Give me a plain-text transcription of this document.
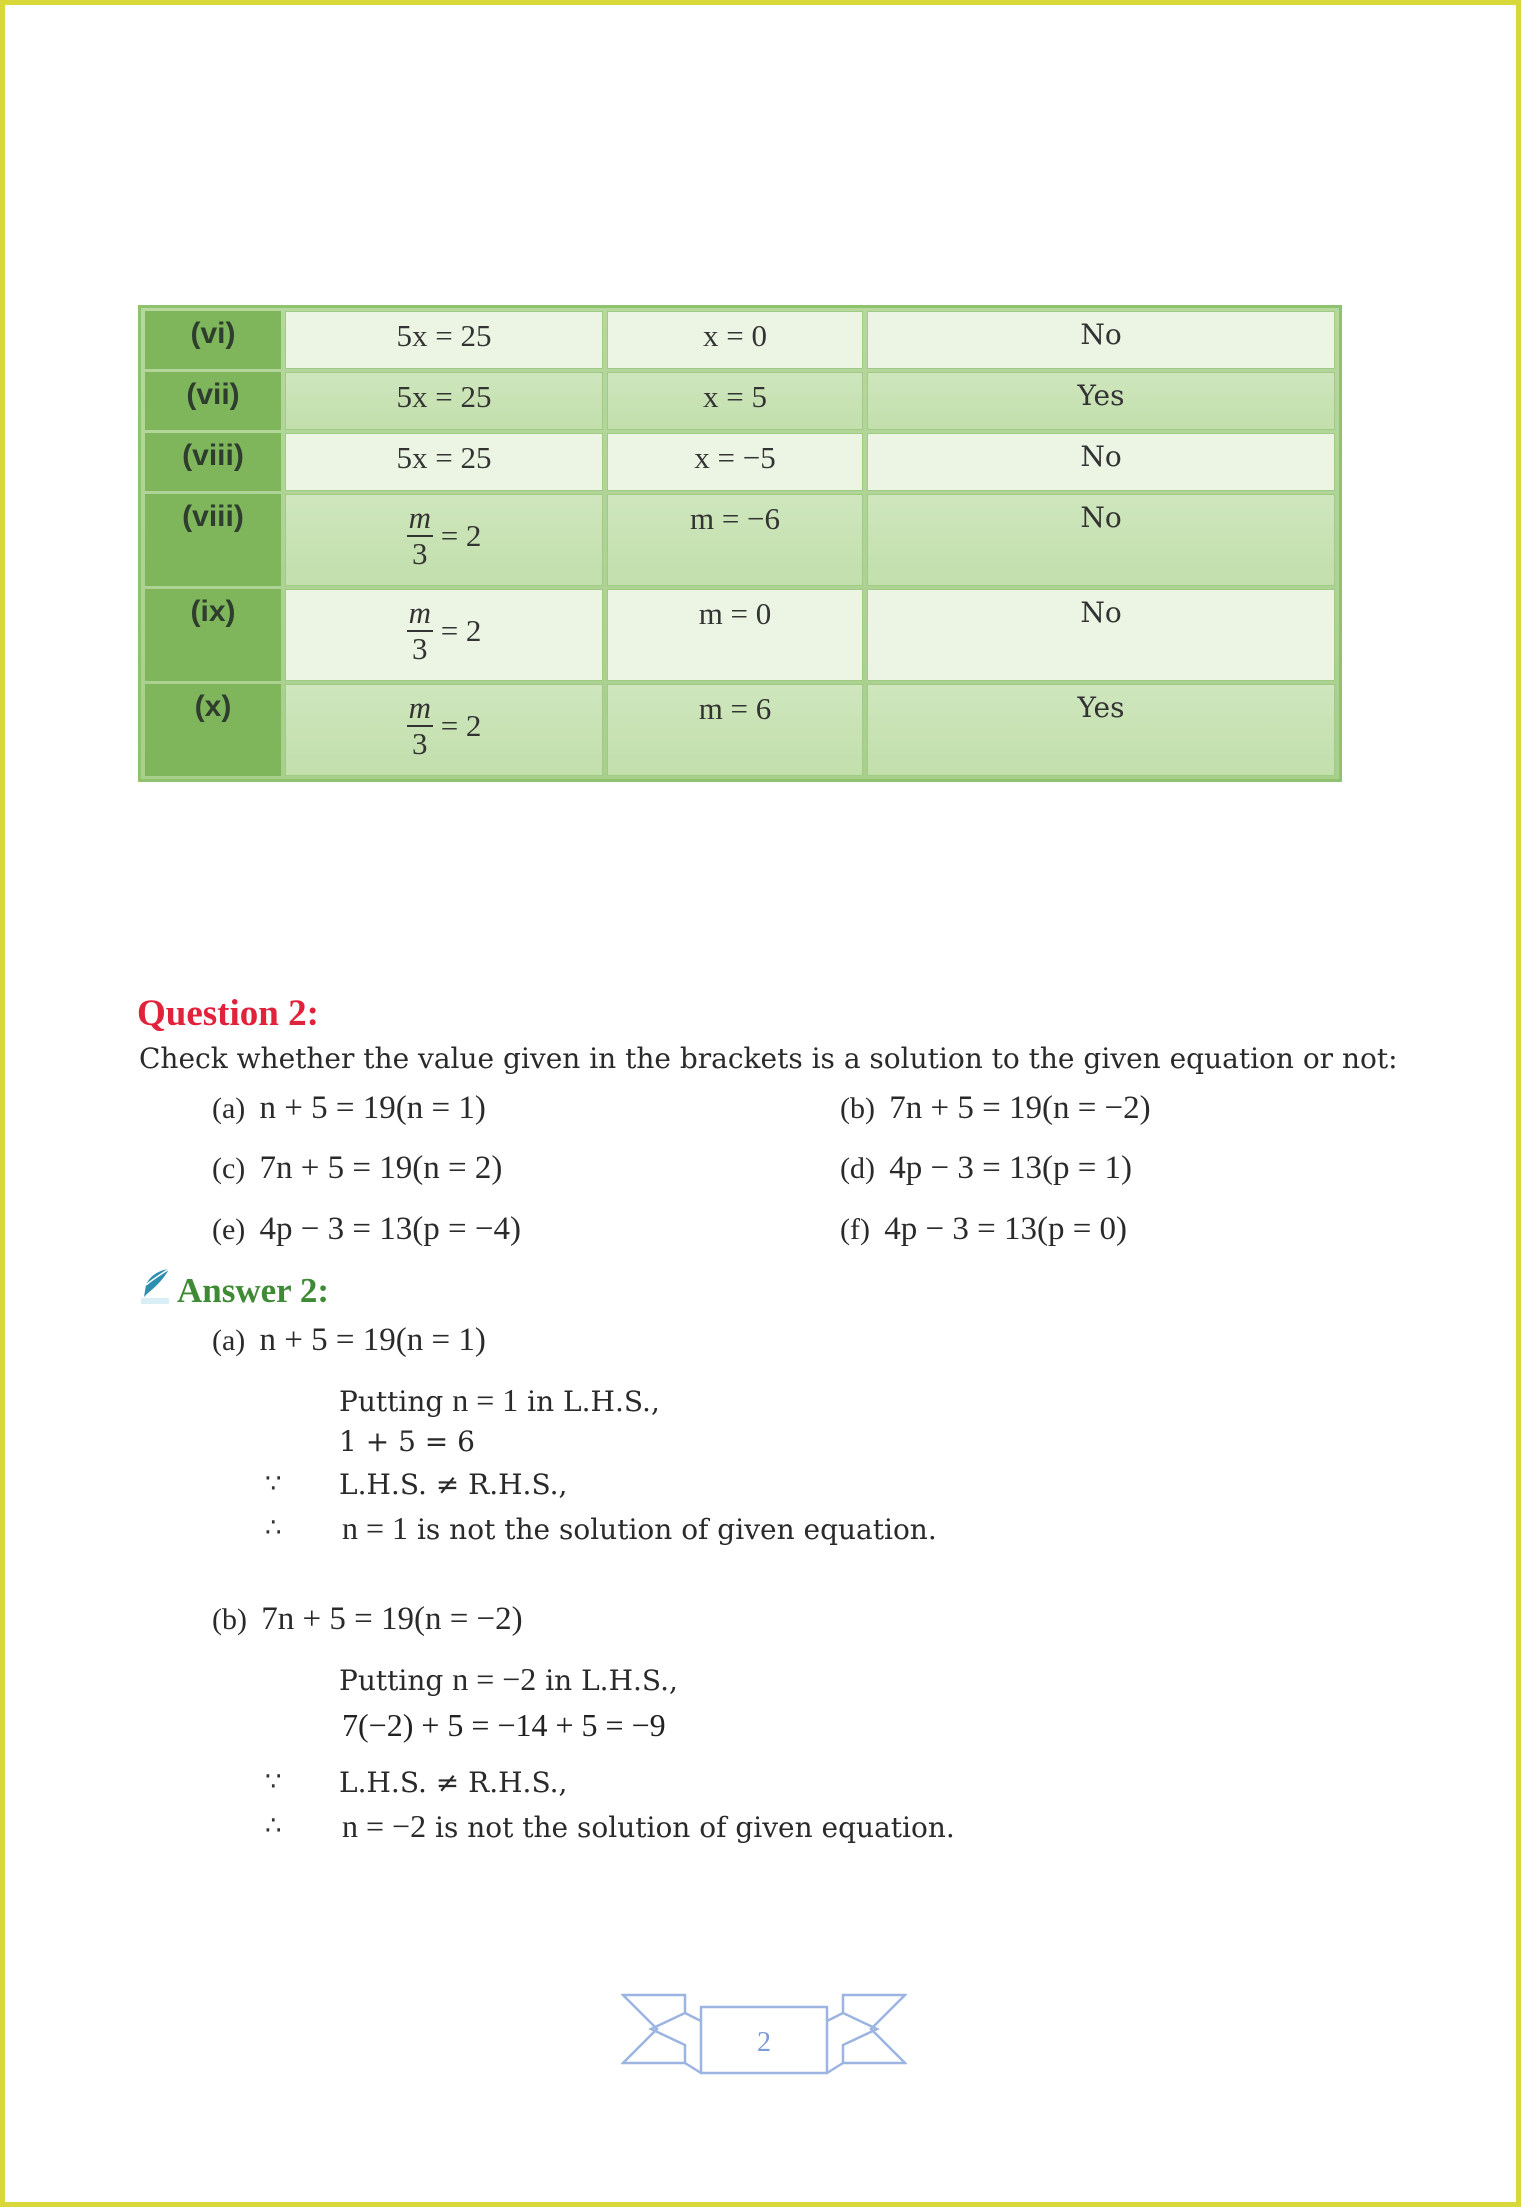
(vi)	5x = 25	x = 0	No
(vii)	5x = 25	x = 5	Yes
(viii)	5x = 25	x = −5	No
(viii)	$\frac{m}{3} = 2$	m = −6	No
(ix)	$\frac{m}{3} = 2$	m = 0	No
(x)	$\frac{m}{3} = 2$	m = 6	Yes
Question 2:
Check whether the value given in the brackets is a solution to the given equation or not:
(a) n + 5 = 19(n = 1)	(b) 7n + 5 = 19(n = −2)
(c) 7n + 5 = 19(n = 2)	(d) 4p − 3 = 13(p = 1)
(e) 4p − 3 = 13(p = −4)	(f) 4p − 3 = 13(p = 0)
Answer 2:
(a) n + 5 = 19(n = 1)
Putting n = 1 in L.H.S.,
1 + 5 = 6
∵ L.H.S. ≠ R.H.S.,
∴ n = 1 is not the solution of given equation.
(b) 7n + 5 = 19(n = −2)
Putting n = −2 in L.H.S.,
7(−2) + 5 = −14 + 5 = −9
∵ L.H.S. ≠ R.H.S.,
∴ n = −2 is not the solution of given equation.
2
